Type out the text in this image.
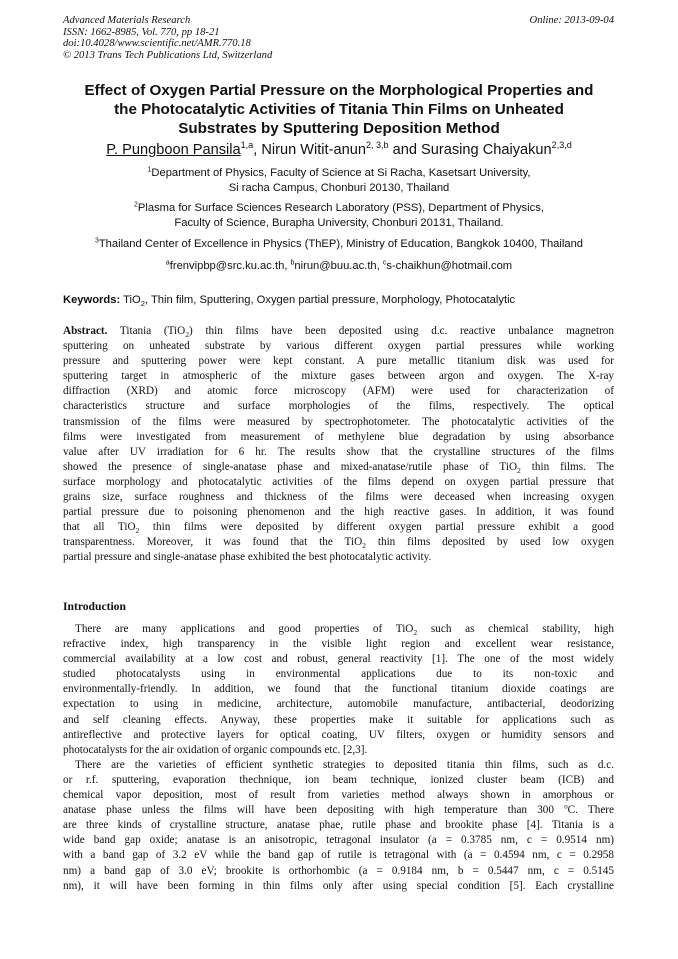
Advanced Materials Research
ISSN: 1662-8985, Vol. 770, pp 18-21
doi:10.4028/www.scientific.net/AMR.770.18
© 2013 Trans Tech Publications Ltd, Switzerland
Online: 2013-09-04
Effect of Oxygen Partial Pressure on the Morphological Properties and
the Photocatalytic Activities of Titania Thin Films on Unheated
Substrates by Sputtering Deposition Method
P. Pungboon Pansila$^{1,a}$, Nirun Witit-anun$^{2, 3,b}$ and Surasing Chaiyakun$^{2,3,d}$
$^1$Department of Physics, Faculty of Science at Si Racha, Kasetsart University,
Si racha Campus, Chonburi 20130, Thailand
$^2$Plasma for Surface Sciences Research Laboratory (PSS), Department of Physics,
Faculty of Science, Burapha University, Chonburi 20131, Thailand.
$^3$Thailand Center of Excellence in Physics (ThEP), Ministry of Education, Bangkok 10400, Thailand
$^a$frenvipbp@src.ku.ac.th, $^b$nirun@buu.ac.th, $^c$s-chaikhun@hotmail.com
Keywords: TiO$_2$, Thin film, Sputtering, Oxygen partial pressure, Morphology, Photocatalytic
Abstract. Titania (TiO$_2$) thin films have been deposited using d.c. reactive unbalance magnetron
sputtering on unheated substrate by various different oxygen partial pressures while working
pressure and sputtering power were kept constant. A pure metallic titanium disk was used for
sputtering target in atmospheric of the mixture gases between argon and oxygen. The X-ray
diffraction (XRD) and atomic force microscopy (AFM) were used for characterization of
characteristics structure and surface morphologies of the films, respectively. The optical
transmission of the films were measured by spectrophotometer. The photocatalytic activities of the
films were investigated from measurement of methylene blue degradation by using absorbance
value after UV irradiation for 6 hr. The results show that the crystalline structures of the films
showed the presence of single-anatase phase and mixed-anatase/rutile phase of TiO$_2$ thin films. The
surface morphology and photocatalytic activities of the films depend on oxygen partial pressure that
grains size, surface roughness and thickness of the films were deceased when increasing oxygen
partial pressure due to poisoning phenomenon and the high reactive gases. In addition, it was found
that all TiO$_2$ thin films were deposited by different oxygen partial pressure exhibit a good
transparentness. Moreover, it was found that the TiO$_2$ thin films deposited by used low oxygen
partial pressure and single-anatase phase exhibited the best photocatalytic activity.
Introduction
There are many applications and good properties of TiO$_2$ such as chemical stability, high
refractive index, high transparency in the visible light region and excellent wear resistance,
commercial availability at a low cost and robust, general reactivity [1]. The one of the most widely
studied photocatalysts using in environmental applications due to its non-toxic and
environmentally-friendly. In addition, we found that the functional titanium dioxide coatings are
expectation to using in medicine, architecture, automobile manufacture, antibacterial, deodorizing
and self cleaning effects. Anyway, these properties make it suitable for applications such as
antireflective and protective layers for optical coating, UV filters, oxygen or humidity sensors and
photocatalysts for the air oxidation of organic compounds etc. [2,3].
There are the varieties of efficient synthetic strategies to deposited titania thin films, such as d.c.
or r.f. sputtering, evaporation thechnique, ion beam technique, ionized cluster beam (ICB) and
chemical vapor deposition, most of result from varieties method always shown in amorphous or
anatase phase unless the films will have been depositing with high temperature than 300 $^o$C. There
are three kinds of crystalline structure, anatase phae, rutile phase and brookite phase [4]. Titania is a
wide band gap oxide; anatase is an anisotropic, tetragonal insulator (a = 0.3785 nm, c = 0.9514 nm)
with a band gap of 3.2 eV while the band gap of rutile is tetragonal with (a = 0.4594 nm, c = 0.2958
nm) a band gap of 3.0 eV; brookite is orthorhombic (a = 0.9184 nm, b = 0.5447 nm, c = 0.5145
nm), it will have been forming in thin films only after using special condition [5]. Each crystalline
